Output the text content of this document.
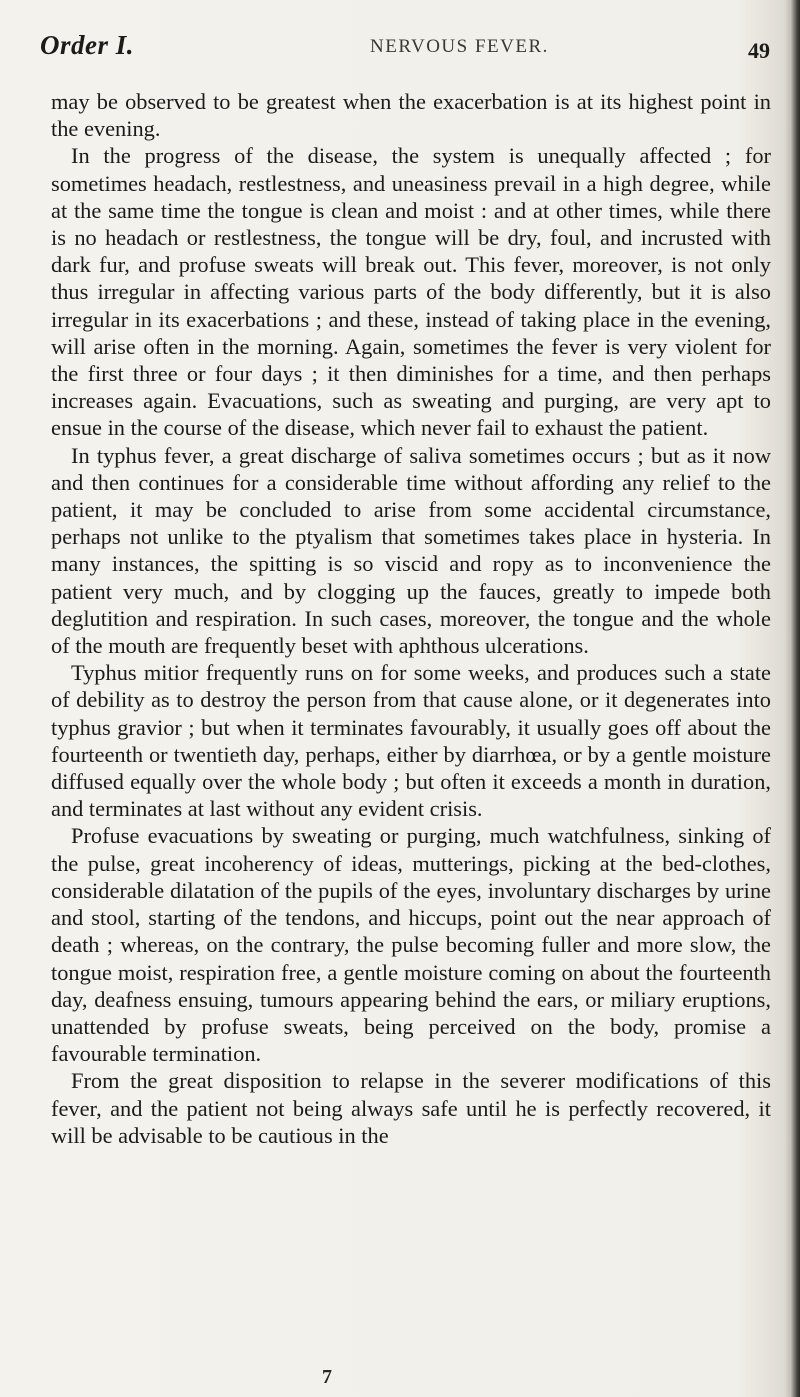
Order I.	NERVOUS FEVER.	49

may be observed to be greatest when the exacerbation is at its highest point in the evening.

In the progress of the disease, the system is unequally affected ; for sometimes headach, restlestness, and uneasiness prevail in a high degree, while at the same time the tongue is clean and moist : and at other times, while there is no headach or restlestness, the tongue will be dry, foul, and incrusted with dark fur, and profuse sweats will break out. This fever, moreover, is not only thus irregular in affecting various parts of the body differently, but it is also irregular in its exacerbations ; and these, instead of taking place in the evening, will arise often in the morning. Again, sometimes the fever is very violent for the first three or four days ; it then diminishes for a time, and then perhaps increases again. Evacuations, such as sweating and purging, are very apt to ensue in the course of the disease, which never fail to exhaust the patient.

In typhus fever, a great discharge of saliva sometimes occurs ; but as it now and then continues for a considerable time without affording any relief to the patient, it may be concluded to arise from some accidental circumstance, perhaps not unlike to the ptyalism that sometimes takes place in hysteria. In many instances, the spitting is so viscid and ropy as to inconvenience the patient very much, and by clogging up the fauces, greatly to impede both deglutition and respiration. In such cases, moreover, the tongue and the whole of the mouth are frequently beset with aphthous ulcerations.

Typhus mitior frequently runs on for some weeks, and produces such a state of debility as to destroy the person from that cause alone, or it degenerates into typhus gravior ; but when it terminates favourably, it usually goes off about the fourteenth or twentieth day, perhaps, either by diarrhœa, or by a gentle moisture diffused equally over the whole body ; but often it exceeds a month in duration, and terminates at last without any evident crisis.

Profuse evacuations by sweating or purging, much watchfulness, sinking of the pulse, great incoherency of ideas, mutterings, picking at the bed-clothes, considerable dilatation of the pupils of the eyes, involuntary discharges by urine and stool, starting of the tendons, and hiccups, point out the near approach of death ; whereas, on the contrary, the pulse becoming fuller and more slow, the tongue moist, respiration free, a gentle moisture coming on about the fourteenth day, deafness ensuing, tumours appearing behind the ears, or miliary eruptions, unattended by profuse sweats, being perceived on the body, promise a favourable termination.

From the great disposition to relapse in the severer modifications of this fever, and the patient not being always safe until he is perfectly recovered, it will be advisable to be cautious in the

7
